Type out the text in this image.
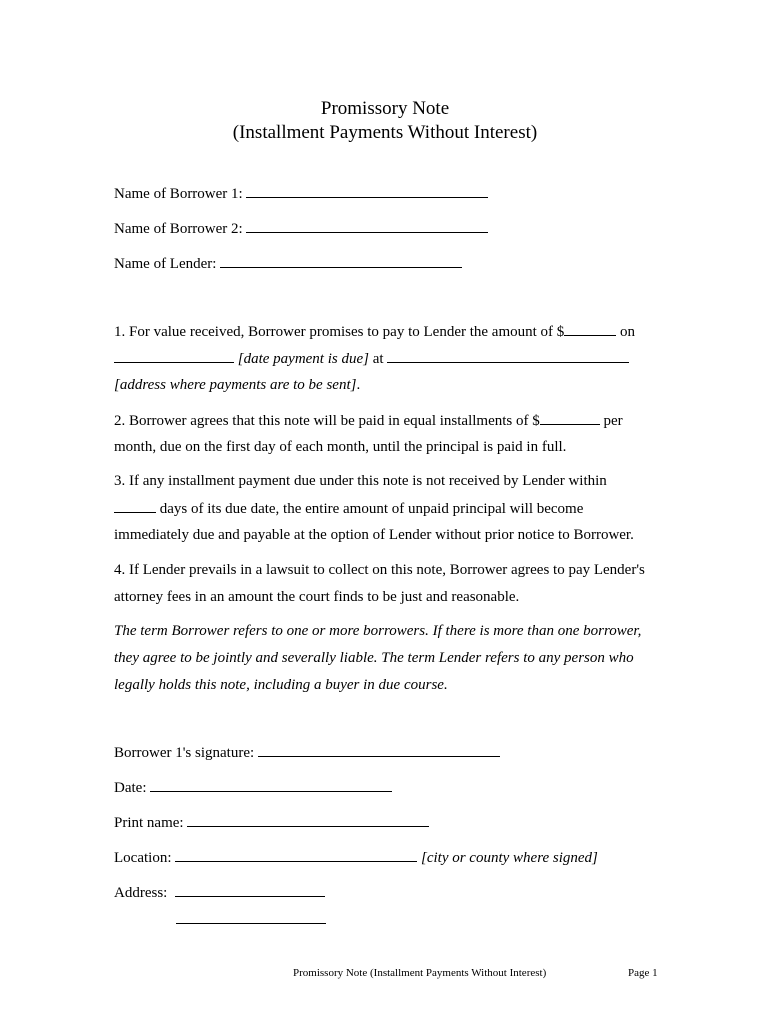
Promissory Note
(Installment Payments Without Interest)
Name of Borrower 1:
Name of Borrower 2:
Name of Lender:
1. For value received, Borrower promises to pay to Lender the amount of $	on
[date payment is due] at
[address where payments are to be sent].
2. Borrower agrees that this note will be paid in equal installments of $	per
month, due on the first day of each month, until the principal is paid in full.
3. If any installment payment due under this note is not received by Lender within
days of its due date, the entire amount of unpaid principal will become
immediately due and payable at the option of Lender without prior notice to Borrower.
4. If Lender prevails in a lawsuit to collect on this note, Borrower agrees to pay Lender's
attorney fees in an amount the court finds to be just and reasonable.
The term Borrower refers to one or more borrowers. If there is more than one borrower,
they agree to be jointly and severally liable. The term Lender refers to any person who
legally holds this note, including a buyer in due course.
Borrower 1's signature:
Date:
Print name:
Location:	[city or county where signed]
Address:
Promissory Note (Installment Payments Without Interest)	Page 1
